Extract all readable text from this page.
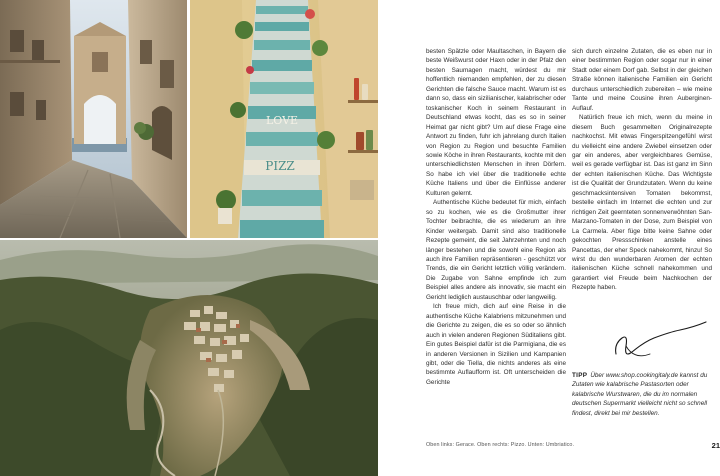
LOVE
PIZZ

besten Spätzle oder Maultaschen, in Bayern die beste Weißwurst oder Haxn oder in der Pfalz den besten Saumagen macht, würdest du mir hoffentlich niemanden empfehlen, der zu diesen Gerichten die falsche Sauce macht. Warum ist es dann so, dass ein sizilianischer, kalabrischer oder toskanischer Koch in seinem Restaurant in Deutschland etwas kocht, das es so in seiner Heimat gar nicht gibt? Um auf diese Frage eine Antwort zu finden, fuhr ich jahrelang durch Italien von Region zu Region und besuchte Familien sowie Köche in ihren Restaurants, kochte mit den unterschiedlichsten Menschen in ihren Dörfern. So habe ich viel über die traditionelle echte Küche Italiens und über die Einflüsse anderer Kulturen gelernt.

Authentische Küche bedeutet für mich, einfach so zu kochen, wie es die Großmutter ihrer Tochter beibrachte, die es wiederum an ihre Kinder weitergab. Damit sind also traditionelle Rezepte gemeint, die seit Jahrzehnten und noch länger bestehen und die sowohl eine Region als auch ihre Familien repräsentieren - geschützt vor Trends, die ein Gericht letztlich völlig verändern. Die Zugabe von Sahne empfinde ich zum Beispiel alles andere als innovativ, sie macht ein Gericht lediglich austauschbar oder langweilig.

Ich freue mich, dich auf eine Reise in die authentische Küche Kalabriens mitzunehmen und die Gerichte zu zeigen, die es so oder so ähnlich auch in vielen anderen Regionen Süditaliens gibt. Ein gutes Beispiel dafür ist die Parmigiana, die es in anderen Versionen in Sizilien und Kampanien gibt, oder die Tiella, die nichts anderes als eine bestimmte Auflaufform ist. Oft unterscheiden die Gerichte

sich durch einzelne Zutaten, die es eben nur in einer bestimmten Region oder sogar nur in einer Stadt oder einem Dorf gab. Selbst in der gleichen Straße können italienische Familien ein Gericht durchaus unterschiedlich zubereiten – wie meine Tante und meine Cousine ihren Auberginen-Auflauf.

Natürlich freue ich mich, wenn du meine in diesem Buch gesammelten Originalrezepte nachkochst. Mit etwas Fingerspitzengefühl wirst du vielleicht eine andere Zwiebel einsetzen oder gar ein anderes, aber vergleichbares Gemüse, weil es gerade verfügbar ist. Das ist ganz im Sinn der echten italienischen Küche. Das Wichtigste ist die Qualität der Grundzutaten. Wenn du keine geschmacksintensiven Tomaten bekommst, bestelle einfach im Internet die echten und zur richtigen Zeit geernteten sonnenverwöhnten San-Marzano-Tomaten in der Dose, zum Beispiel von La Carmela. Aber füge bitte keine Sahne oder gekochten Pressschinken anstelle eines Pancettas, der eher Speck nahekommt, hinzu! So wirst du den wunderbaren Aromen der echten italienischen Küche schnell nahekommen und garantiert viel Freude beim Nachkochen der Rezepte haben.

TIPP Über www.shop.cookingitaly.de kannst du Zutaten wie kalabrische Pastasorten oder kalabrische Wurstwaren, die du im normalen deutschen Supermarkt vielleicht nicht so schnell findest, direkt bei mir bestellen.
Oben links: Gerace. Oben rechts: Pizzo. Unten: Umbriatico.	21
